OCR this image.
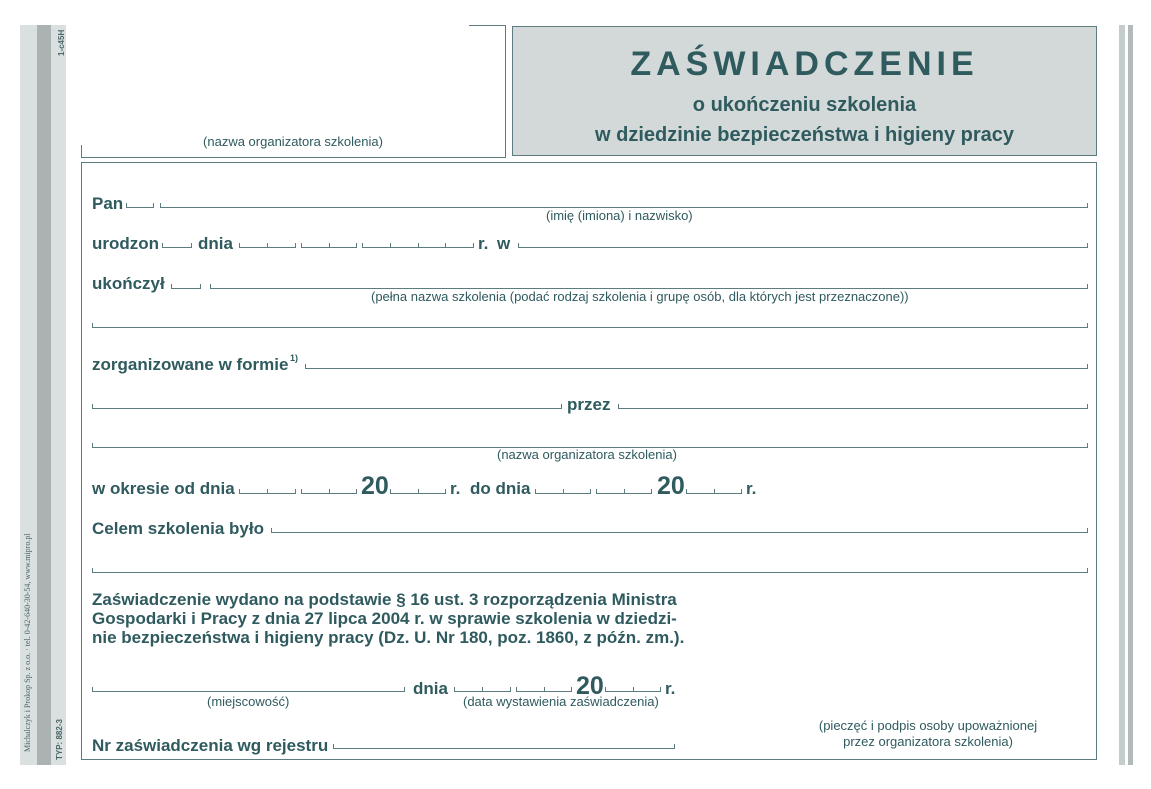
1-c45H
Michalczyk i Prokop Sp. z o.o. · tel. 0-42-640-30-54, www.mipro.pl	TYP: 882-3
(nazwa organizatora szkolenia)
ZAŚWIADCZENIE
o ukończeniu szkolenia
w dziedzinie bezpieczeństwa i higieny pracy
Pan
(imię (imiona) i nazwisko)
urodzon dnia	r. w
ukończył
(pełna nazwa szkolenia (podać rodzaj szkolenia i grupę osób, dla których jest przeznaczone))
zorganizowane w formie 1)
przez
(nazwa organizatora szkolenia)
w okresie od dnia	20	r. do dnia	20	r.
Celem szkolenia było
Zaświadczenie wydano na podstawie § 16 ust. 3 rozporządzenia Ministra
Gospodarki i Pracy z dnia 27 lipca 2004 r. w sprawie szkolenia w dziedzi-
nie bezpieczeństwa i higieny pracy (Dz. U. Nr 180, poz. 1860, z późn. zm.).
(miejscowość)
dnia	20	r.
(data wystawienia zaświadczenia)
Nr zaświadczenia wg rejestru
(pieczęć i podpis osoby upoważnionej
przez organizatora szkolenia)
